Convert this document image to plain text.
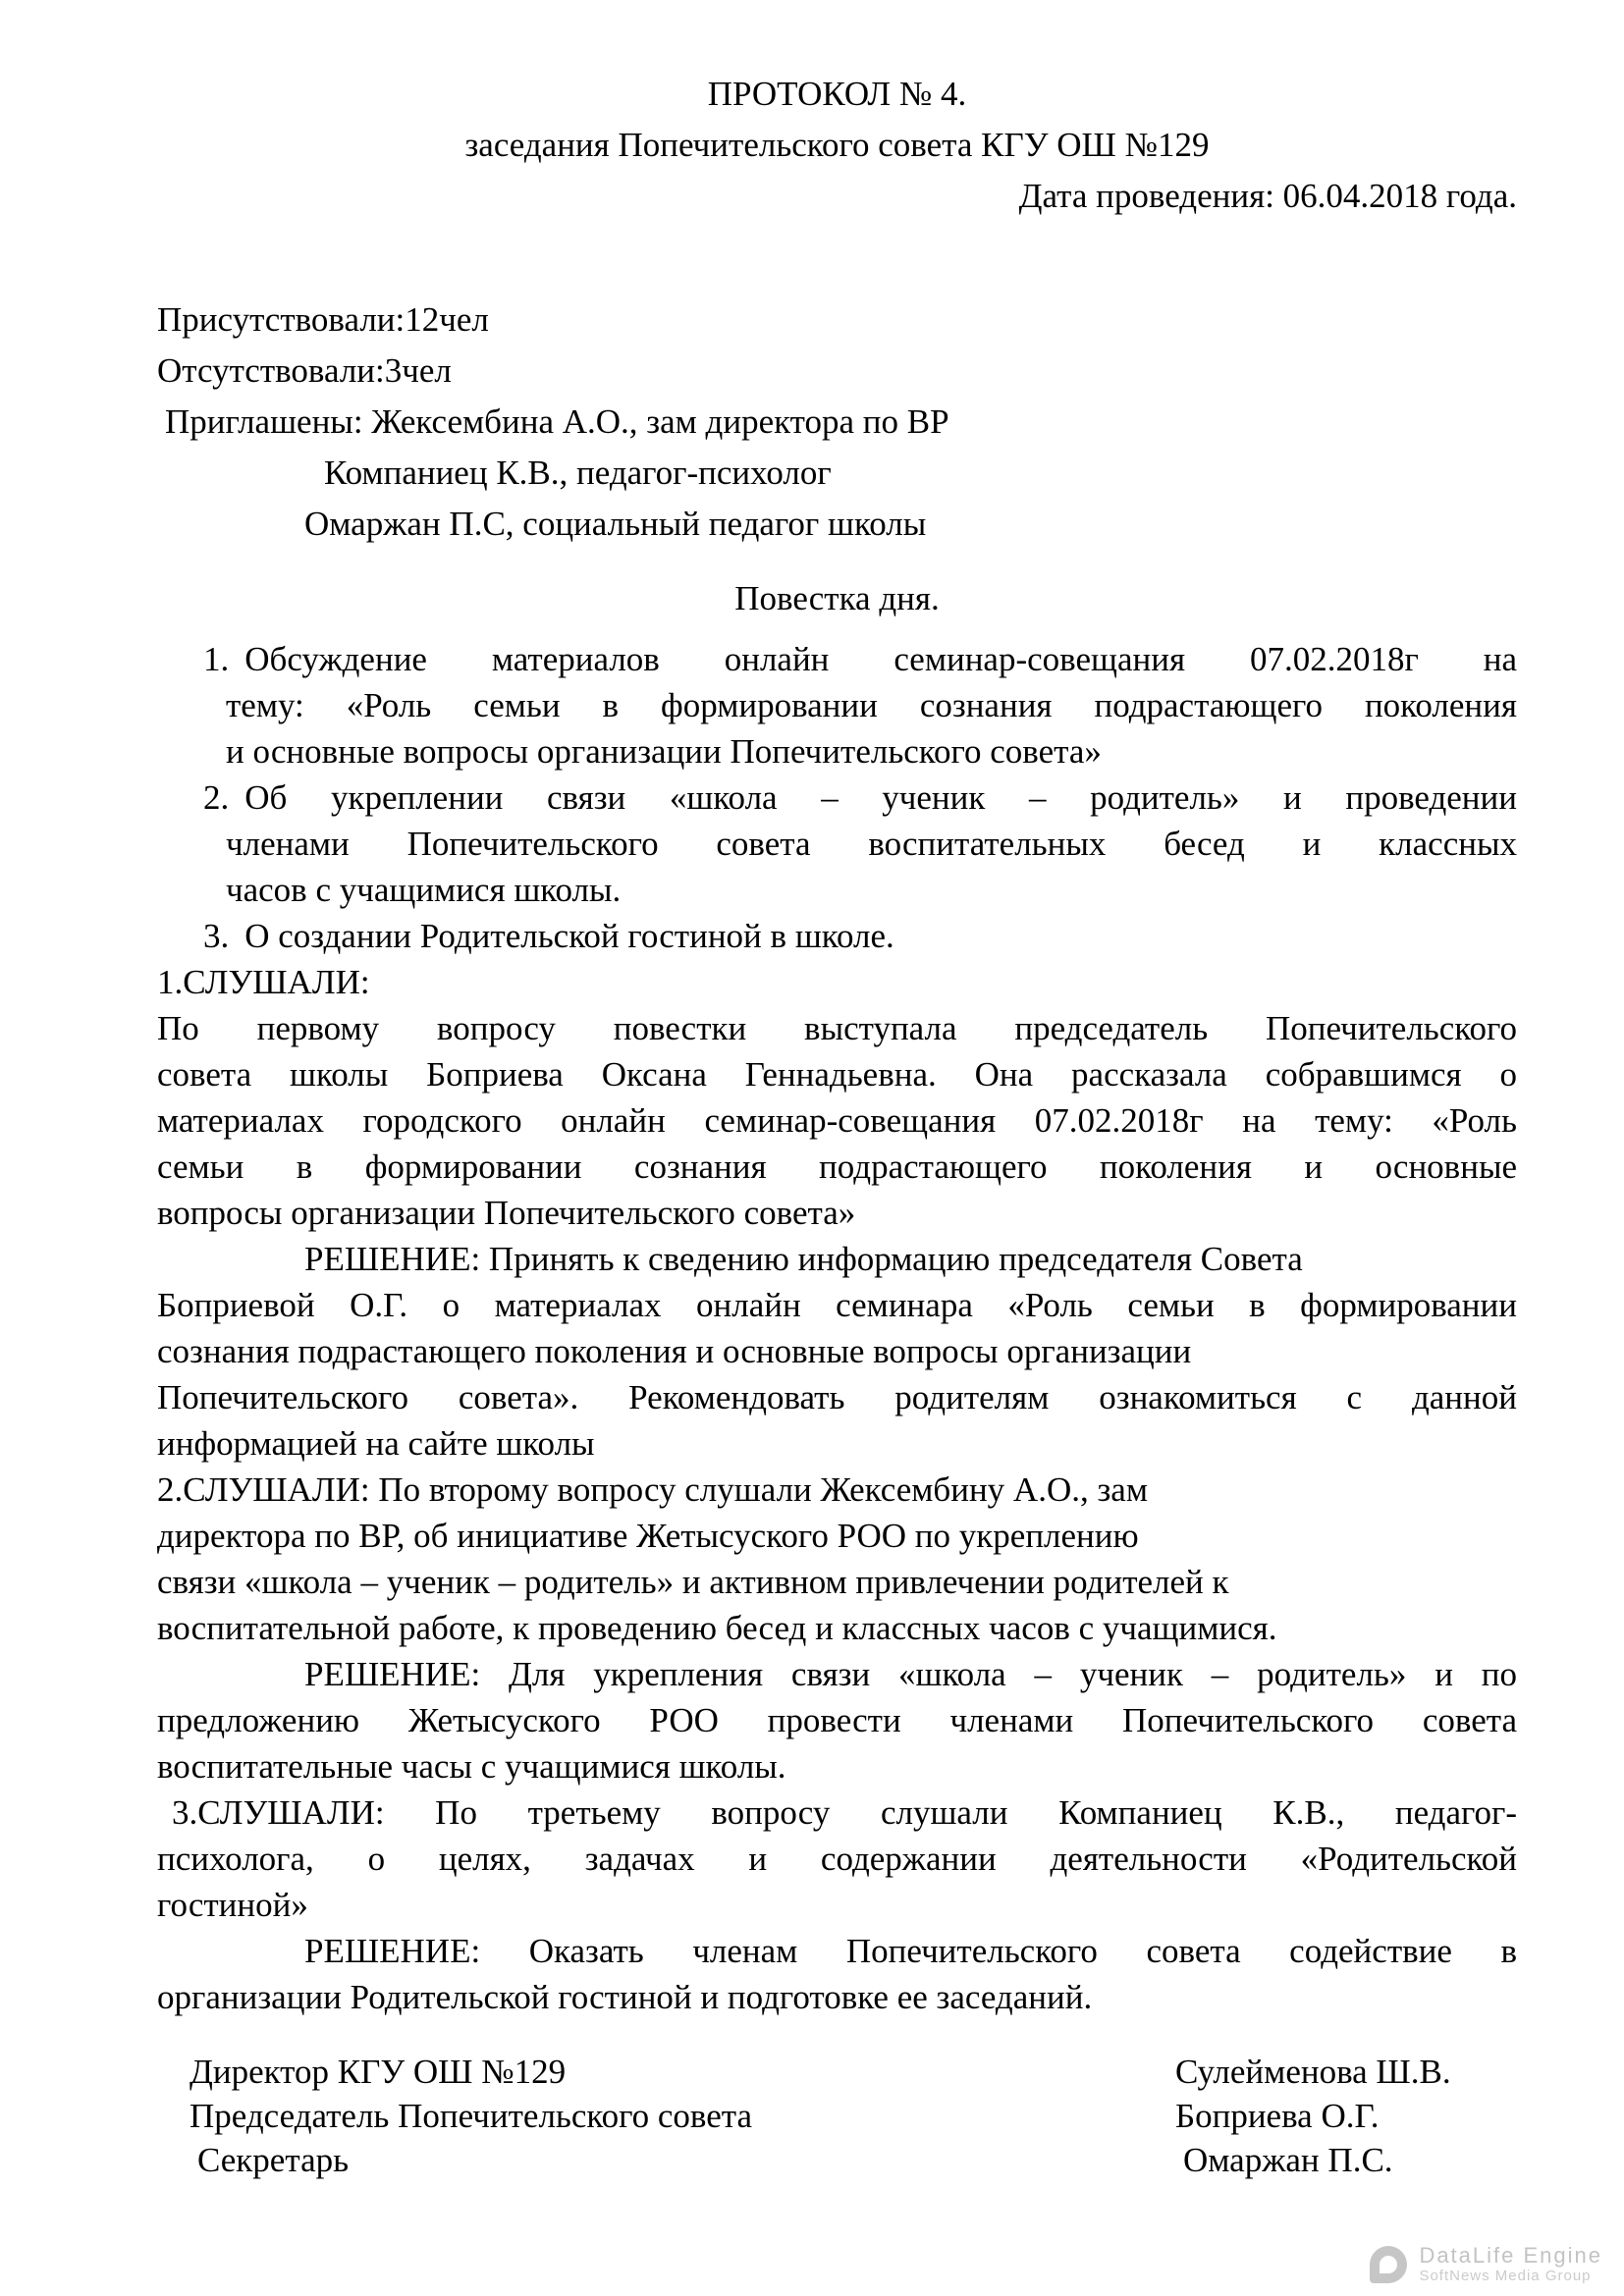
ПРОТОКОЛ № 4.
заседания Попечительского совета КГУ ОШ №129
Дата проведения: 06.04.2018 года.
Присутствовали:12чел
Отсутствовали:3чел
Приглашены: Жексембина А.О., зам директора по ВР
Компаниец К.В., педагог-психолог
Омаржан П.С, социальный педагог школы
Повестка дня.
1. Обсуждение материалов онлайн семинар-совещания 07.02.2018г на
тему: «Роль семьи в формировании сознания подрастающего поколения
и основные вопросы организации Попечительского совета»
2. Об укреплении связи «школа – ученик – родитель» и проведении
членами Попечительского совета воспитательных бесед и классных
часов с учащимися школы.
3. О создании Родительской гостиной в школе.
1.СЛУШАЛИ:
По первому вопросу повестки выступала председатель Попечительского
совета школы Боприева Оксана Геннадьевна. Она рассказала собравшимся о
материалах городского онлайн семинар-совещания 07.02.2018г на тему: «Роль
семьи в формировании сознания подрастающего поколения и основные
вопросы организации Попечительского совета»
РЕШЕНИЕ: Принять к сведению информацию председателя Совета
Боприевой О.Г. о материалах онлайн семинара «Роль семьи в формировании
сознания подрастающего поколения и основные вопросы организации
Попечительского совета». Рекомендовать родителям ознакомиться с данной
информацией на сайте школы
2.СЛУШАЛИ: По второму вопросу слушали Жексембину А.О., зам
директора по ВР, об инициативе Жетысуского РОО по укреплению
связи «школа – ученик – родитель» и активном привлечении родителей к
воспитательной работе, к проведению бесед и классных часов с учащимися.
РЕШЕНИЕ: Для укрепления связи «школа – ученик – родитель» и по
предложению Жетысуского РОО провести членами Попечительского совета
воспитательные часы с учащимися школы.
3.СЛУШАЛИ: По третьему вопросу слушали Компаниец К.В., педагог-
психолога, о целях, задачах и содержании деятельности «Родительской
гостиной»
РЕШЕНИЕ: Оказать членам Попечительского совета содействие в
организации Родительской гостиной и подготовке ее заседаний.
Директор КГУ ОШ №129	Сулейменова Ш.В.
Председатель Попечительского совета	Боприева О.Г.
Секретарь	Омаржан П.С.
DataLife Engine
SoftNews Media Group
